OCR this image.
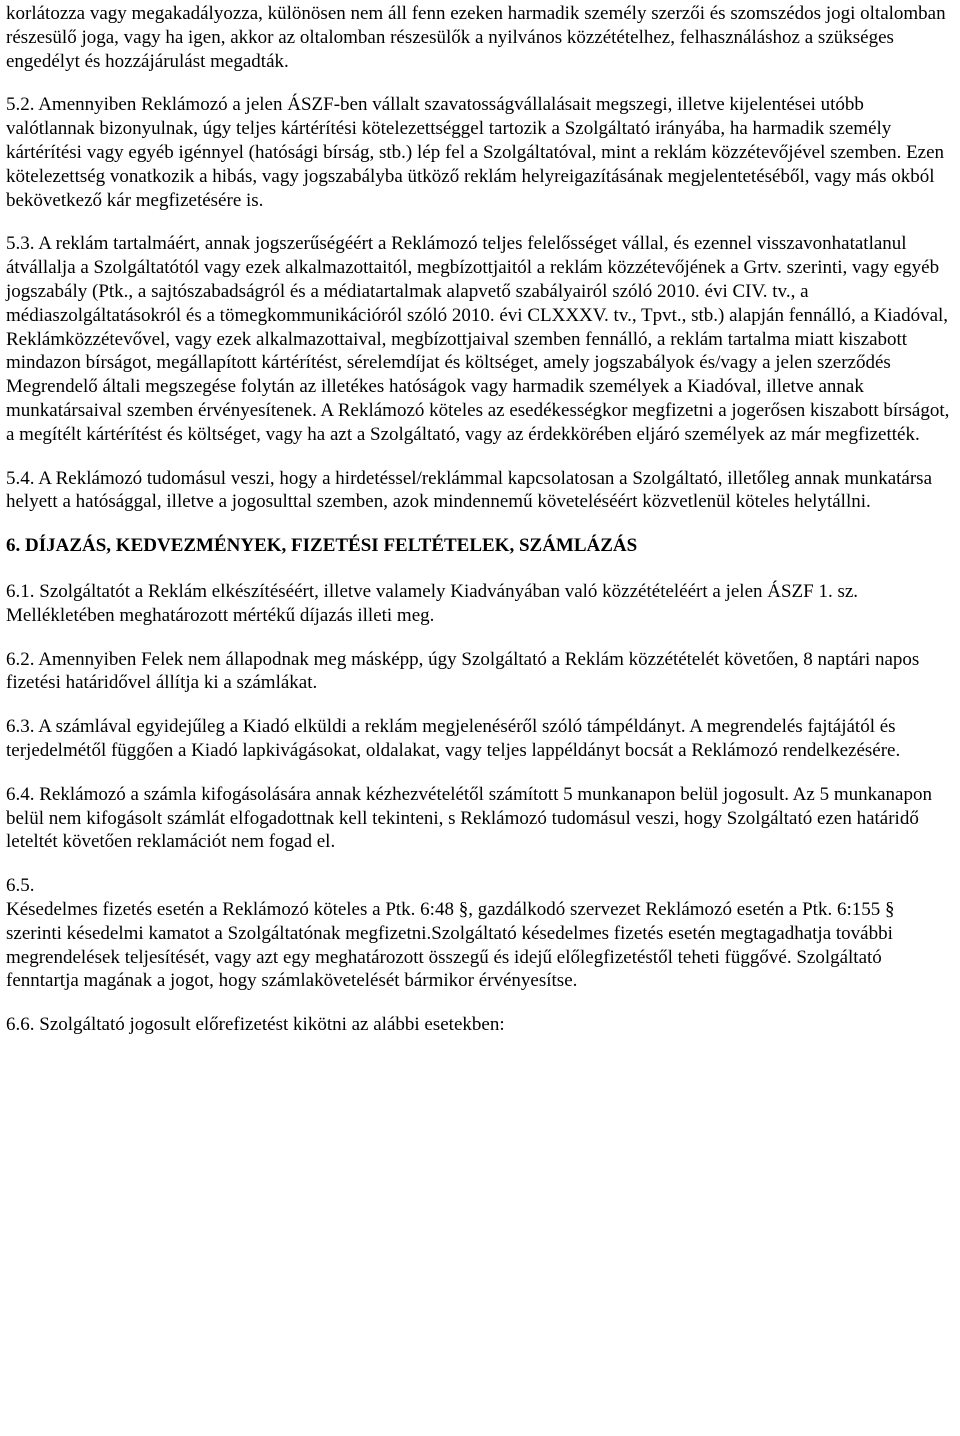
korlátozza vagy megakadályozza, különösen nem áll fenn ezeken harmadik személy szerzői és szomszédos jogi oltalomban részesülő joga, vagy ha igen, akkor az oltalomban részesülők a nyilvános közzétételhez, felhasználáshoz a szükséges engedélyt és hozzájárulást megadták.

5.2. Amennyiben Reklámozó a jelen ÁSZF-ben vállalt szavatosságvállalásait megszegi, illetve kijelentései utóbb valótlannak bizonyulnak, úgy teljes kártérítési kötelezettséggel tartozik a Szolgáltató irányába, ha harmadik személy kártérítési vagy egyéb igénnyel (hatósági bírság, stb.) lép fel a Szolgáltatóval, mint a reklám közzétevőjével szemben. Ezen kötelezettség vonatkozik a hibás, vagy jogszabályba ütköző reklám helyreigazításának megjelentetéséből, vagy más okból bekövetkező kár megfizetésére is.

5.3. A reklám tartalmáért, annak jogszerűségéért a Reklámozó teljes felelősséget vállal, és ezennel visszavonhatatlanul átvállalja a Szolgáltatótól vagy ezek alkalmazottaitól, megbízottjaitól a reklám közzétevőjének a Grtv. szerinti, vagy egyéb jogszabály (Ptk., a sajtószabadságról és a médiatartalmak alapvető szabályairól szóló 2010. évi CIV. tv., a médiaszolgáltatásokról és a tömegkommunikációról szóló 2010. évi CLXXXV. tv., Tpvt., stb.) alapján fennálló, a Kiadóval, Reklámközzétevővel, vagy ezek alkalmazottaival, megbízottjaival szemben fennálló, a reklám tartalma miatt kiszabott mindazon bírságot, megállapított kártérítést, sérelemdíjat és költséget, amely jogszabályok és/vagy a jelen szerződés Megrendelő általi megszegése folytán az illetékes hatóságok vagy harmadik személyek a Kiadóval, illetve annak munkatársaival szemben érvényesítenek. A Reklámozó köteles az esedékességkor megfizetni a jogerősen kiszabott bírságot, a megítélt kártérítést és költséget, vagy ha azt a Szolgáltató, vagy az érdekkörében eljáró személyek az már megfizették.

5.4. A Reklámozó tudomásul veszi, hogy a hirdetéssel/reklámmal kapcsolatosan a Szolgáltató, illetőleg annak munkatársa helyett a hatósággal, illetve a jogosulttal szemben, azok mindennemű követeléséért közvetlenül köteles helytállni.

6. DÍJAZÁS, KEDVEZMÉNYEK, FIZETÉSI FELTÉTELEK, SZÁMLÁZÁS

6.1. Szolgáltatót a Reklám elkészítéséért, illetve valamely Kiadványában való közzétételéért a jelen ÁSZF 1. sz. Mellékletében meghatározott mértékű díjazás illeti meg.

6.2. Amennyiben Felek nem állapodnak meg másképp, úgy Szolgáltató a Reklám közzétételét követően, 8 naptári napos fizetési határidővel állítja ki a számlákat.

6.3. A számlával egyidejűleg a Kiadó elküldi a reklám megjelenéséről szóló támpéldányt. A megrendelés fajtájától és terjedelmétől függően a Kiadó lapkivágásokat, oldalakat, vagy teljes lappéldányt bocsát a Reklámozó rendelkezésére.

6.4. Reklámozó a számla kifogásolására annak kézhezvételétől számított 5 munkanapon belül jogosult. Az 5 munkanapon belül nem kifogásolt számlát elfogadottnak kell tekinteni, s Reklámozó tudomásul veszi, hogy Szolgáltató ezen határidő leteltét követően reklamációt nem fogad el.

6.5.

Késedelmes fizetés esetén a Reklámozó köteles a Ptk. 6:48 §, gazdálkodó szervezet Reklámozó esetén a Ptk. 6:155 § szerinti késedelmi kamatot a Szolgáltatónak megfizetni.Szolgáltató késedelmes fizetés esetén megtagadhatja további megrendelések teljesítését, vagy azt egy meghatározott összegű és idejű előlegfizetéstől teheti függővé. Szolgáltató fenntartja magának a jogot, hogy számlakövetelését bármikor érvényesítse.

6.6. Szolgáltató jogosult előrefizetést kikötni az alábbi esetekben:
